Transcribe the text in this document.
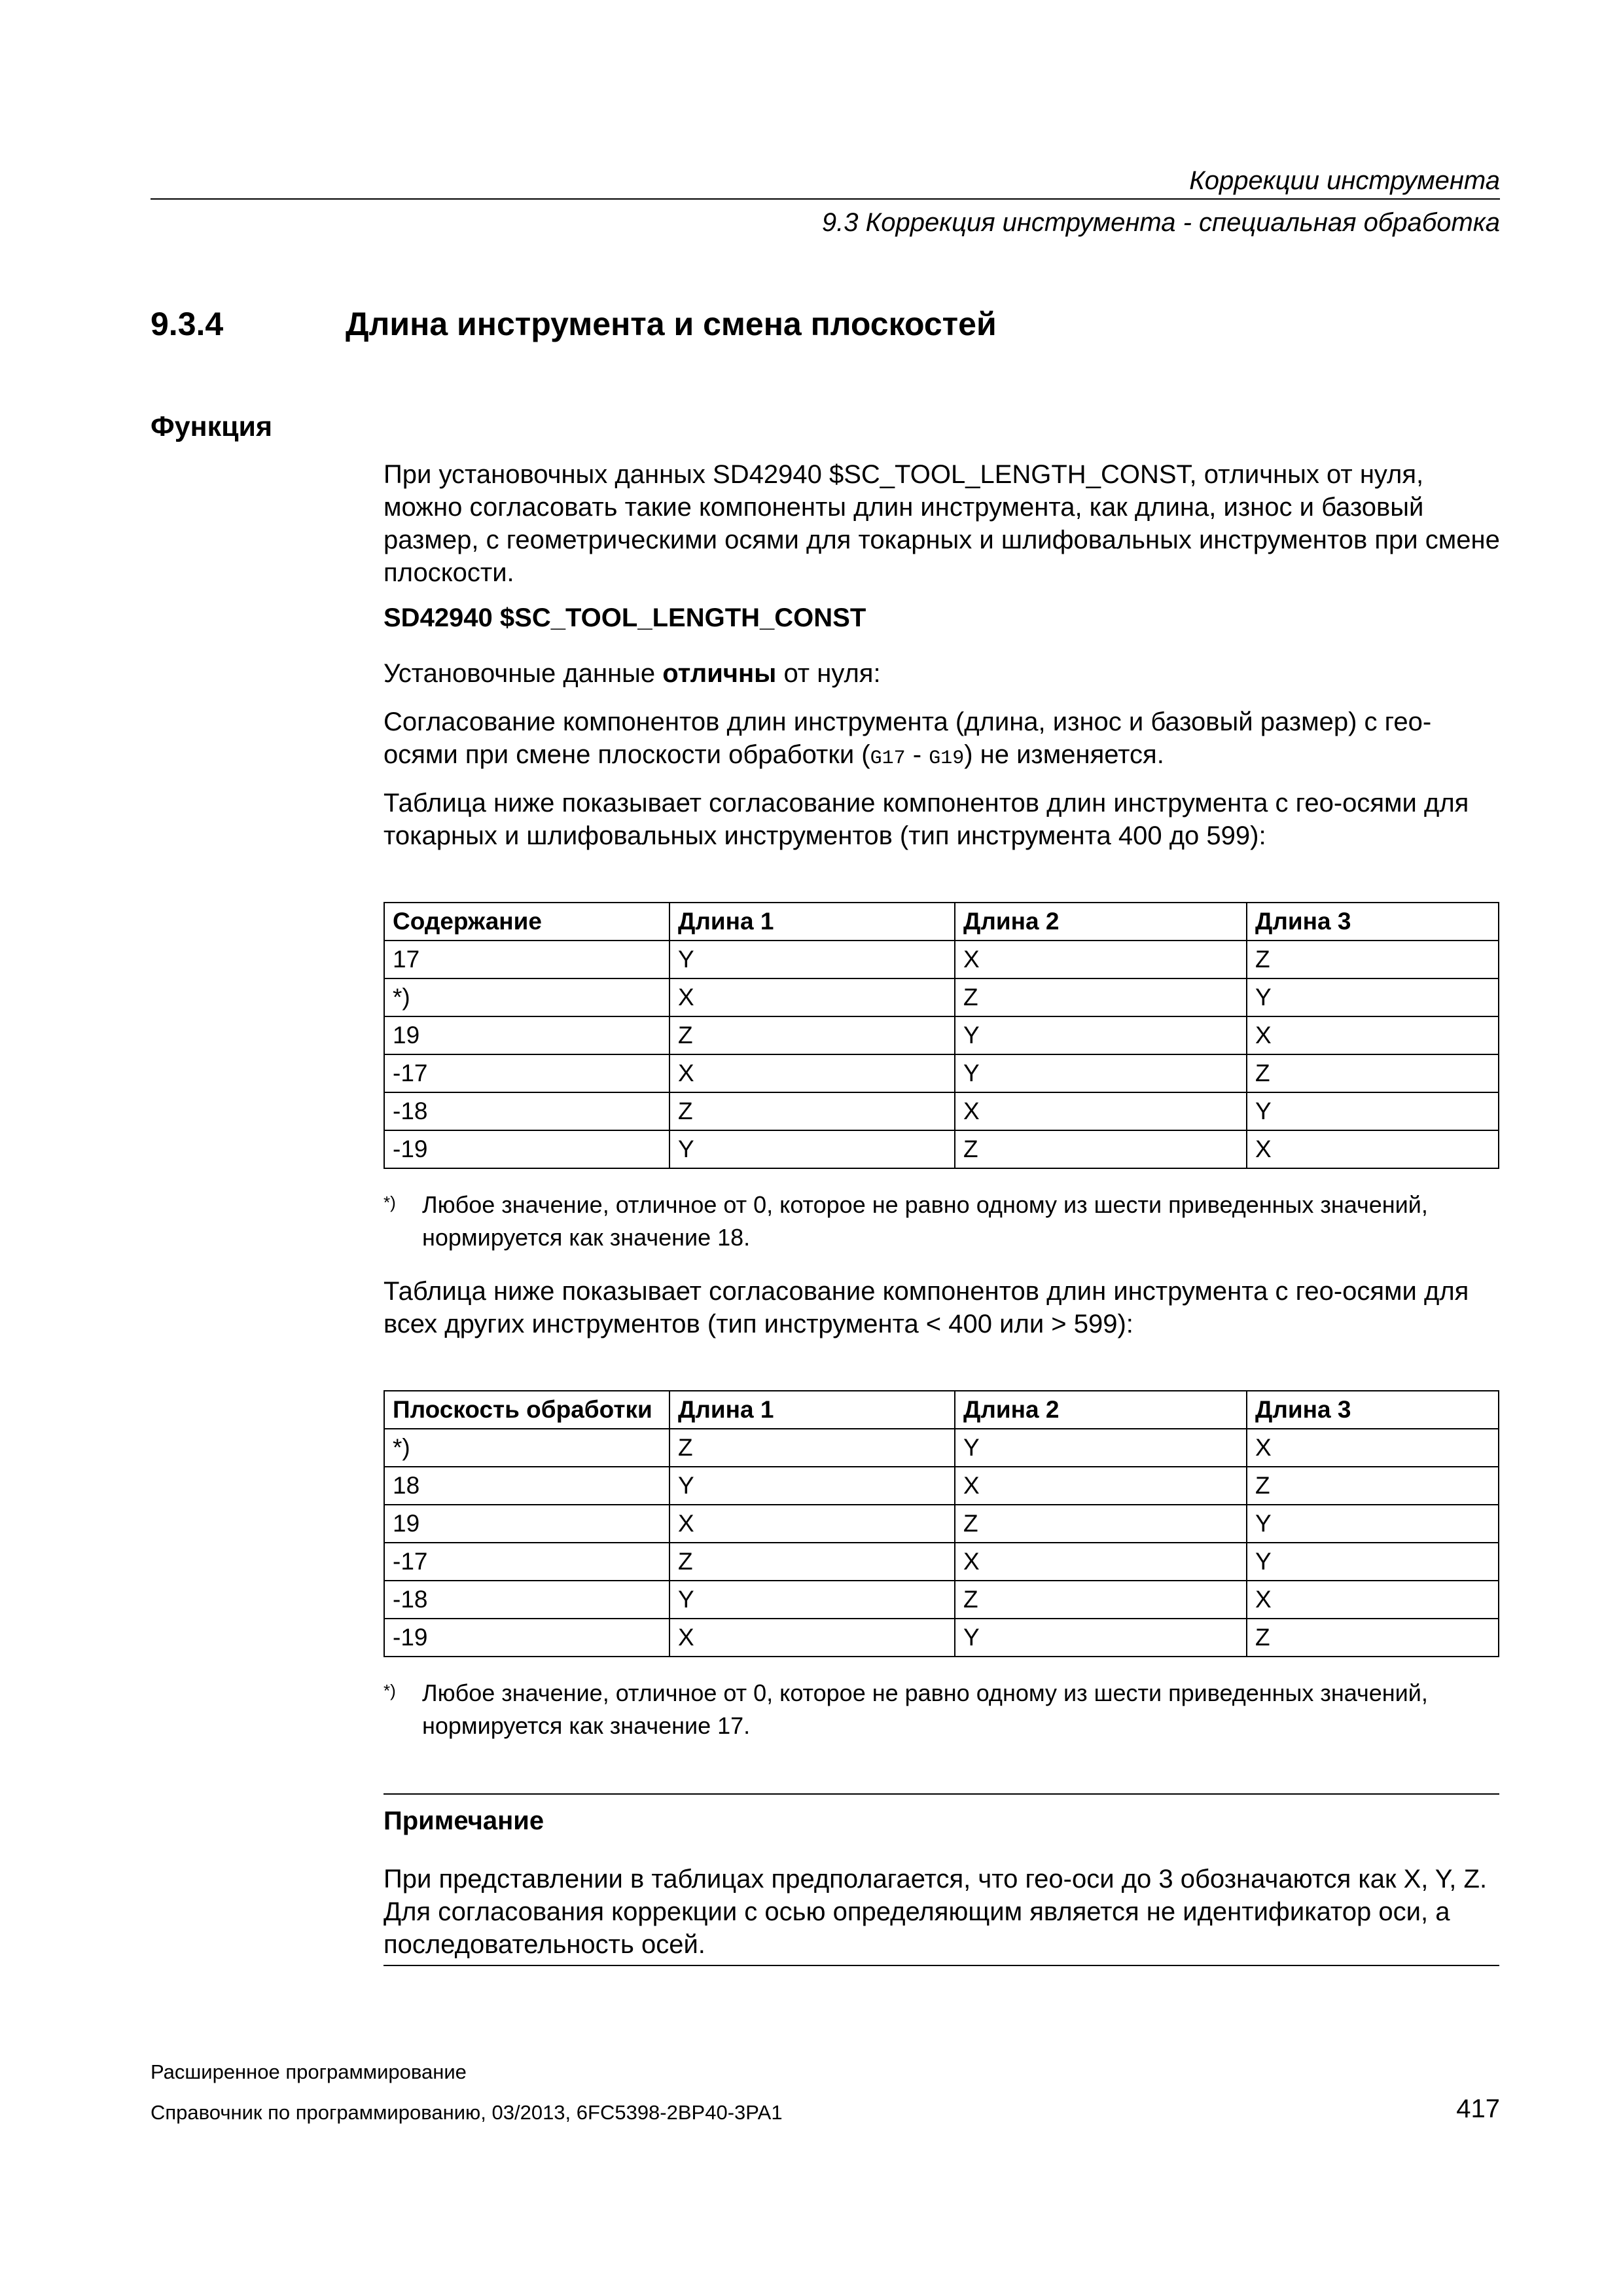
Коррекции инструмента
9.3 Коррекция инструмента - специальная обработка
9.3.4	Длина инструмента и смена плоскостей
Функция
При установочных данных SD42940 $SC_TOOL_LENGTH_CONST, отличных от нуля, можно согласовать такие компоненты длин инструмента, как длина, износ и базовый размер, с геометрическими осями для токарных и шлифовальных инструментов при смене плоскости.
SD42940 $SC_TOOL_LENGTH_CONST
Установочные данные отличны от нуля:
Согласование компонентов длин инструмента (длина, износ и базовый размер) с гео-осями при смене плоскости обработки (G17 - G19) не изменяется.
Таблица ниже показывает согласование компонентов длин инструмента с гео-осями для токарных и шлифовальных инструментов (тип инструмента 400 до 599):
Содержание	Длина 1	Длина 2	Длина 3
17	Y	X	Z
*)	X	Z	Y
19	Z	Y	X
-17	X	Y	Z
-18	Z	X	Y
-19	Y	Z	X
*) Любое значение, отличное от 0, которое не равно одному из шести приведенных значений, нормируется как значение 18.
Таблица ниже показывает согласование компонентов длин инструмента с гео-осями для всех других инструментов (тип инструмента < 400 или > 599):
Плоскость обработки	Длина 1	Длина 2	Длина 3
*)	Z	Y	X
18	Y	X	Z
19	X	Z	Y
-17	Z	X	Y
-18	Y	Z	X
-19	X	Y	Z
*) Любое значение, отличное от 0, которое не равно одному из шести приведенных значений, нормируется как значение 17.
Примечание
При представлении в таблицах предполагается, что гео-оси до 3 обозначаются как X, Y, Z. Для согласования коррекции с осью определяющим является не идентификатор оси, а последовательность осей.
Расширенное программирование
Справочник по программированию, 03/2013, 6FC5398-2BP40-3PA1	417
